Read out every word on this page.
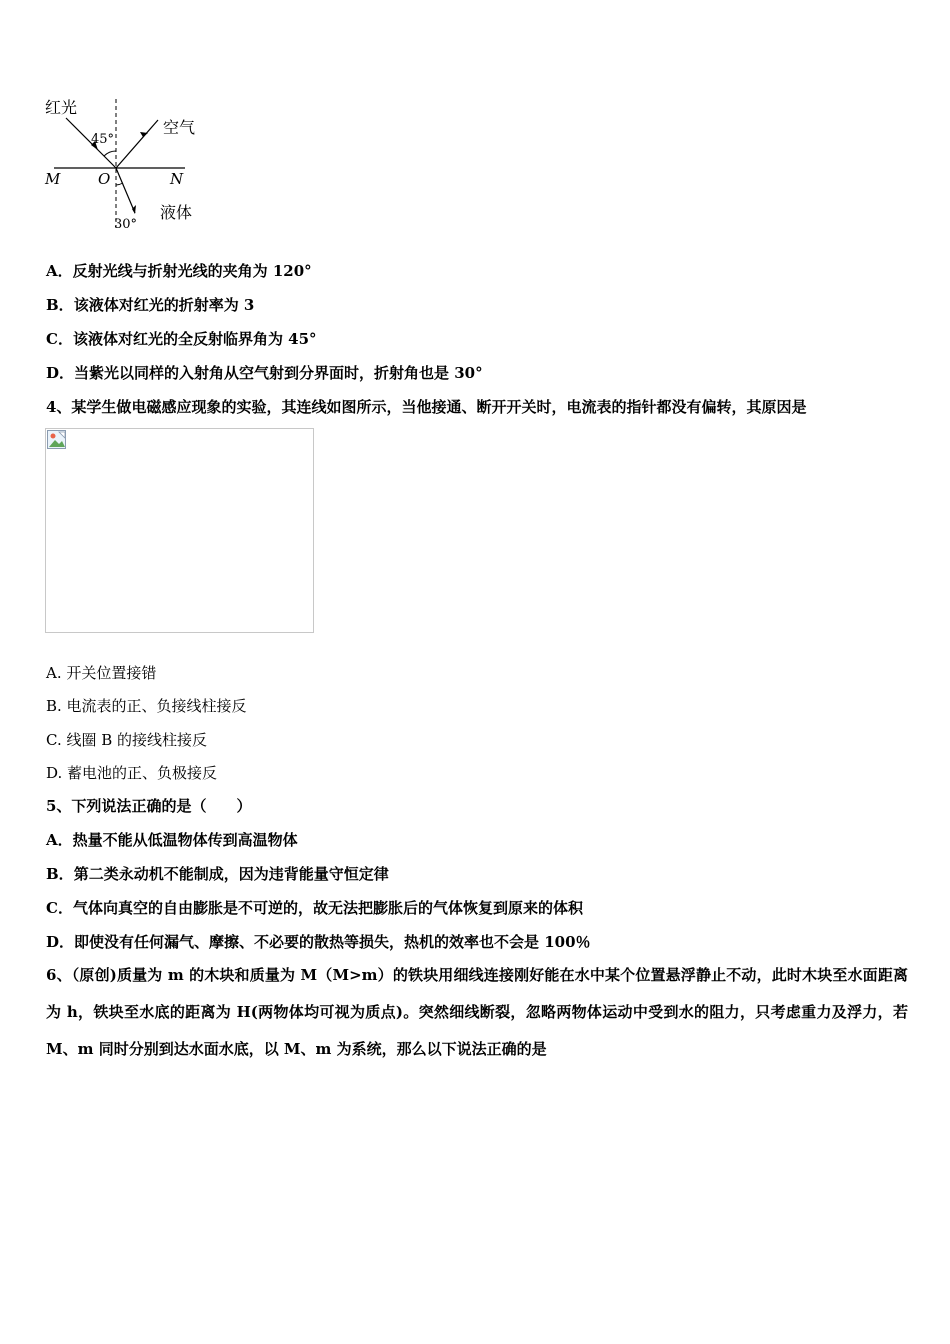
红光
空气
液体
45°
30°
M	O	N
A．反射光线与折射光线的夹角为 120°
B．该液体对红光的折射率为 3
C．该液体对红光的全反射临界角为 45°
D．当紫光以同样的入射角从空气射到分界面时，折射角也是 30°
4、某学生做电磁感应现象的实验，其连线如图所示，当他接通、断开开关时，电流表的指针都没有偏转，其原因是
A. 开关位置接错
B. 电流表的正、负接线柱接反
C. 线圈 B 的接线柱接反
D. 蓄电池的正、负极接反
5、下列说法正确的是（　　）
A．热量不能从低温物体传到高温物体
B．第二类永动机不能制成，因为违背能量守恒定律
C．气体向真空的自由膨胀是不可逆的，故无法把膨胀后的气体恢复到原来的体积
D．即使没有任何漏气、摩擦、不必要的散热等损失，热机的效率也不会是 100％
6、（原创)质量为 m 的木块和质量为 M（M>m）的铁块用细线连接刚好能在水中某个位置悬浮静止不动，此时木块至水面距离为 h，铁块至水底的距离为 H(两物体均可视为质点)。突然细线断裂，忽略两物体运动中受到水的阻力，只考虑重力及浮力，若 M、m 同时分别到达水面水底，以 M、m 为系统，那么以下说法正确的是
